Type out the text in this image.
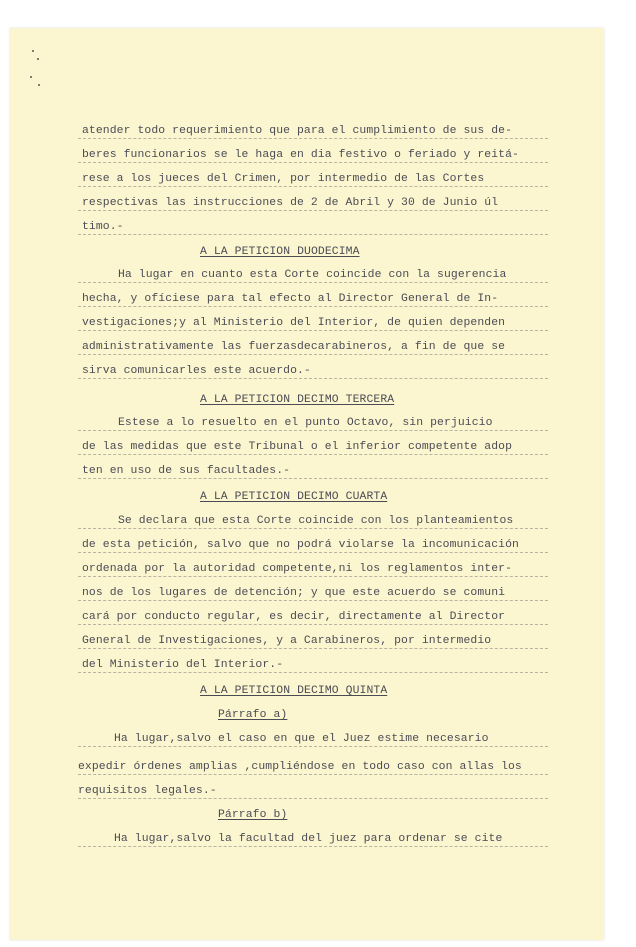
atender todo requerimiento que para el cumplimiento de sus de-
beres funcionarios se le haga en dia festivo o feriado y reitá-
rese a los jueces del Crimen, por intermedio de las Cortes
respectivas las instrucciones de 2 de Abril y 30 de Junio úl
timo.-
A LA PETICION DUODECIMA
Ha lugar en cuanto esta Corte coincide con la sugerencia
hecha, y ofíciese para tal efecto al Director General de In-
vestigaciones;y al Ministerio del Interior, de quien dependen
administrativamente las fuerzasdecarabineros, a fin de que se
sirva comunicarles este acuerdo.-
A LA PETICION DECIMO TERCERA
Estese a lo resuelto en el punto Octavo, sin perjuicio
de las medidas que este Tribunal o el inferior competente adop
ten en uso de sus facultades.-
A LA PETICION DECIMO CUARTA
Se declara que esta Corte coincide con los planteamientos
de esta petición, salvo que no podrá violarse la incomunicación
ordenada por la autoridad competente,ni los reglamentos inter-
nos de los lugares de detención; y que este acuerdo se comuni
cará por conducto regular, es decir, directamente al Director
General de Investigaciones, y a Carabineros, por intermedio
del Ministerio del Interior.-
A LA PETICION DECIMO QUINTA
Párrafo a)
Ha lugar,salvo el caso en que el Juez estime necesario
expedir órdenes amplias ,cumpliéndose en todo caso con allas los
requisitos legales.-
Párrafo b)
Ha lugar,salvo la facultad del juez para ordenar se cite
